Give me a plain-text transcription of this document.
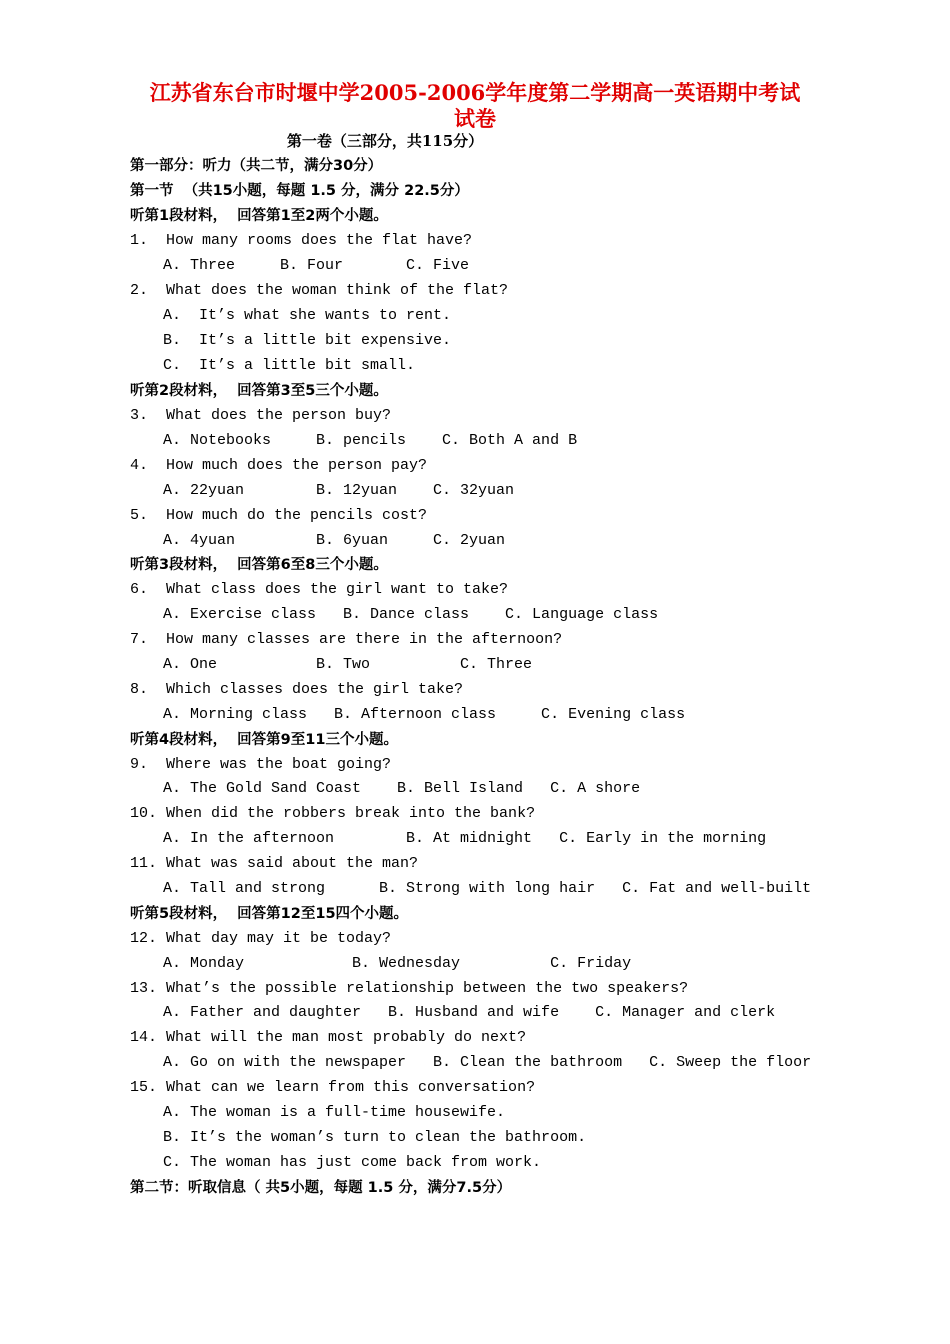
江苏省东台市时堰中学2005-2006学年度第二学期高一英语期中考试
试卷
第一卷（三部分，共115分）
第一部分：听力（共二节，满分30分）
第一节  （共15小题，每题 1.5 分，满分 22.5分）
听第1段材料，  回答第1至2两个小题。
1.  How many rooms does the flat have?
A. Three     B. Four       C. Five
2.  What does the woman think of the flat?
A.  It’s what she wants to rent.
B.  It’s a little bit expensive.
C.  It’s a little bit small.
听第2段材料，  回答第3至5三个小题。
3.  What does the person buy?
A. Notebooks     B. pencils    C. Both A and B
4.  How much does the person pay?
A. 22yuan        B. 12yuan    C. 32yuan
5.  How much do the pencils cost?
A. 4yuan         B. 6yuan     C. 2yuan
听第3段材料，  回答第6至8三个小题。
6.  What class does the girl want to take?
A. Exercise class   B. Dance class    C. Language class
7.  How many classes are there in the afternoon?
A. One           B. Two          C. Three
8.  Which classes does the girl take?
A. Morning class   B. Afternoon class     C. Evening class
听第4段材料，  回答第9至11三个小题。
9.  Where was the boat going?
A. The Gold Sand Coast    B. Bell Island   C. A shore
10. When did the robbers break into the bank?
A. In the afternoon        B. At midnight   C. Early in the morning
11. What was said about the man?
A. Tall and strong      B. Strong with long hair   C. Fat and well-built
听第5段材料，  回答第12至15四个小题。
12. What day may it be today?
A. Monday            B. Wednesday          C. Friday
13. What’s the possible relationship between the two speakers?
A. Father and daughter   B. Husband and wife    C. Manager and clerk
14. What will the man most probably do next?
A. Go on with the newspaper   B. Clean the bathroom   C. Sweep the floor
15. What can we learn from this conversation?
A. The woman is a full-time housewife.
B. It’s the woman’s turn to clean the bathroom.
C. The woman has just come back from work.
第二节：听取信息（ 共5小题，每题 1.5 分，满分7.5分）
